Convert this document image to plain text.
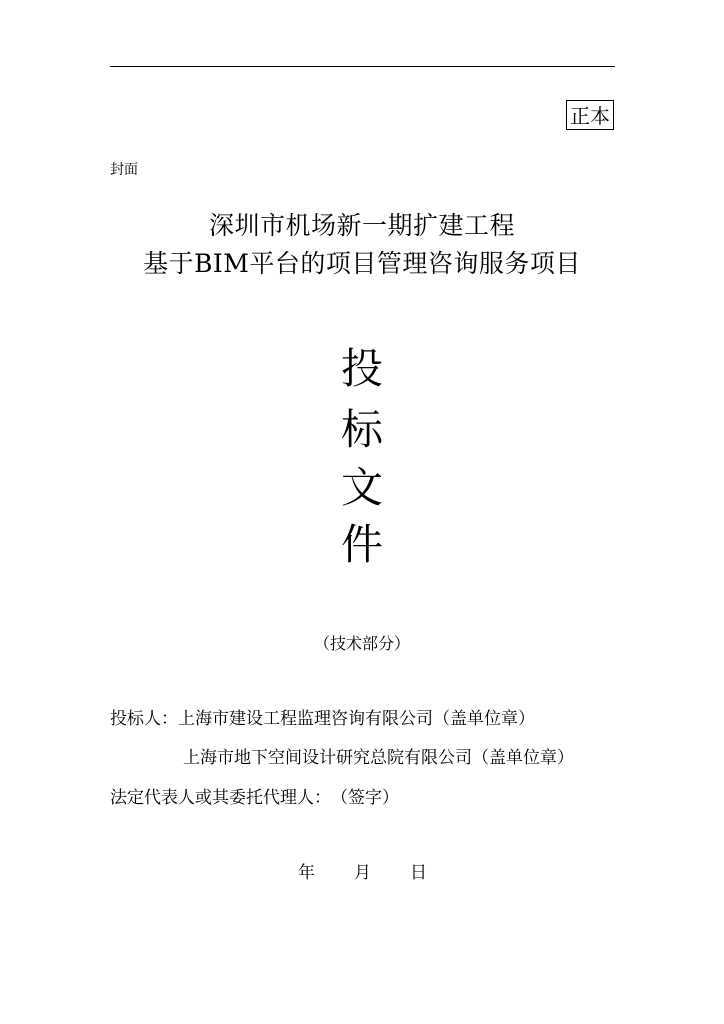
正本
封面
深圳市机场新一期扩建工程
基于BIM平台的项目管理咨询服务项目
投
标
文
件
（技术部分）
投标人：上海市建设工程监理咨询有限公司（盖单位章）
上海市地下空间设计研究总院有限公司（盖单位章）
法定代表人或其委托代理人：　（签字）
年 月 日
